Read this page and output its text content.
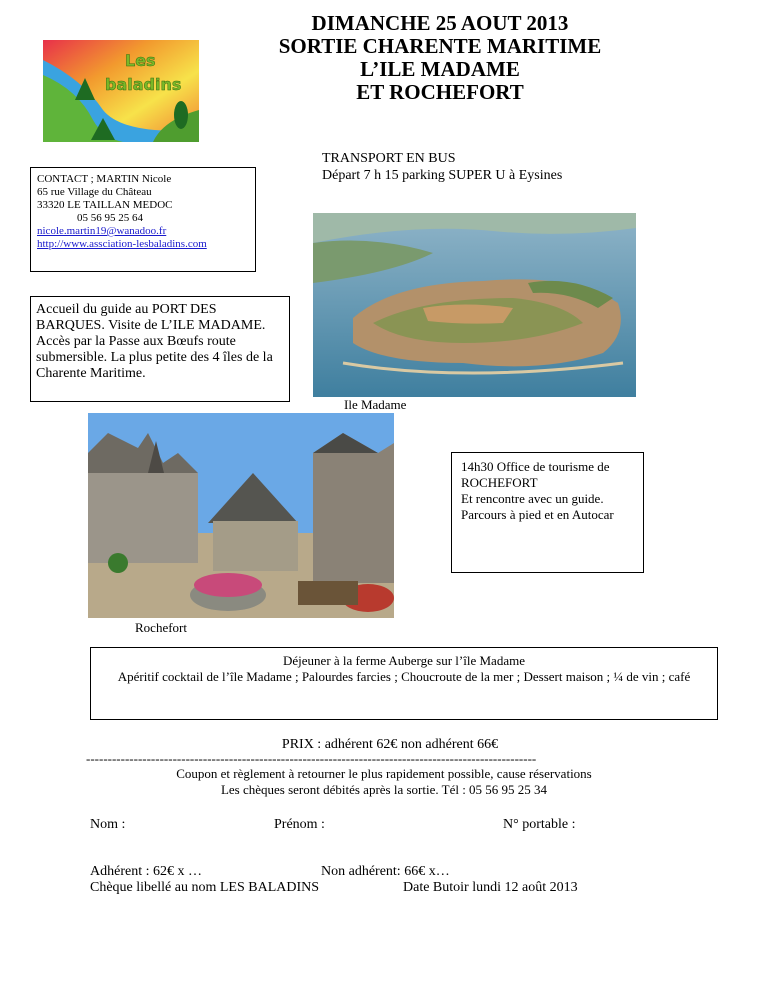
DIMANCHE 25 AOUT 2013
SORTIE CHARENTE MARITIME
L’ILE MADAME
ET ROCHEFORT
Les
baladins
CONTACT ; MARTIN Nicole
65 rue Village du Château
33320 LE TAILLAN MEDOC
05 56 95 25 64
nicole.martin19@wanadoo.fr
http://www.assciation-lesbaladins.com
TRANSPORT EN BUS
Départ 7 h 15 parking SUPER U à Eysines
Accueil du guide au PORT DES BARQUES. Visite de L’ILE MADAME. Accès par la Passe aux Bœufs route submersible. La plus petite des 4 îles de la Charente Maritime.
Ile Madame
Rochefort
14h30 Office de tourisme de ROCHEFORT
Et rencontre avec un guide.
Parcours à pied et en Autocar
Déjeuner à la ferme Auberge sur l’île Madame
Apéritif cocktail de l’île Madame ; Palourdes farcies ; Choucroute de la mer ; Dessert maison ; ¼ de vin ; café
PRIX : adhérent 62€ non adhérent 66€
--------------------------------------------------------------------------------------------------------
Coupon et règlement à retourner le plus rapidement possible, cause réservations
Les chèques seront débités après la sortie. Tél : 05 56 95 25 34
Nom :	Prénom :	N° portable :
Adhérent : 62€ x …	Non adhérent: 66€ x…
Chèque libellé au nom LES BALADINS	Date Butoir lundi 12 août 2013
